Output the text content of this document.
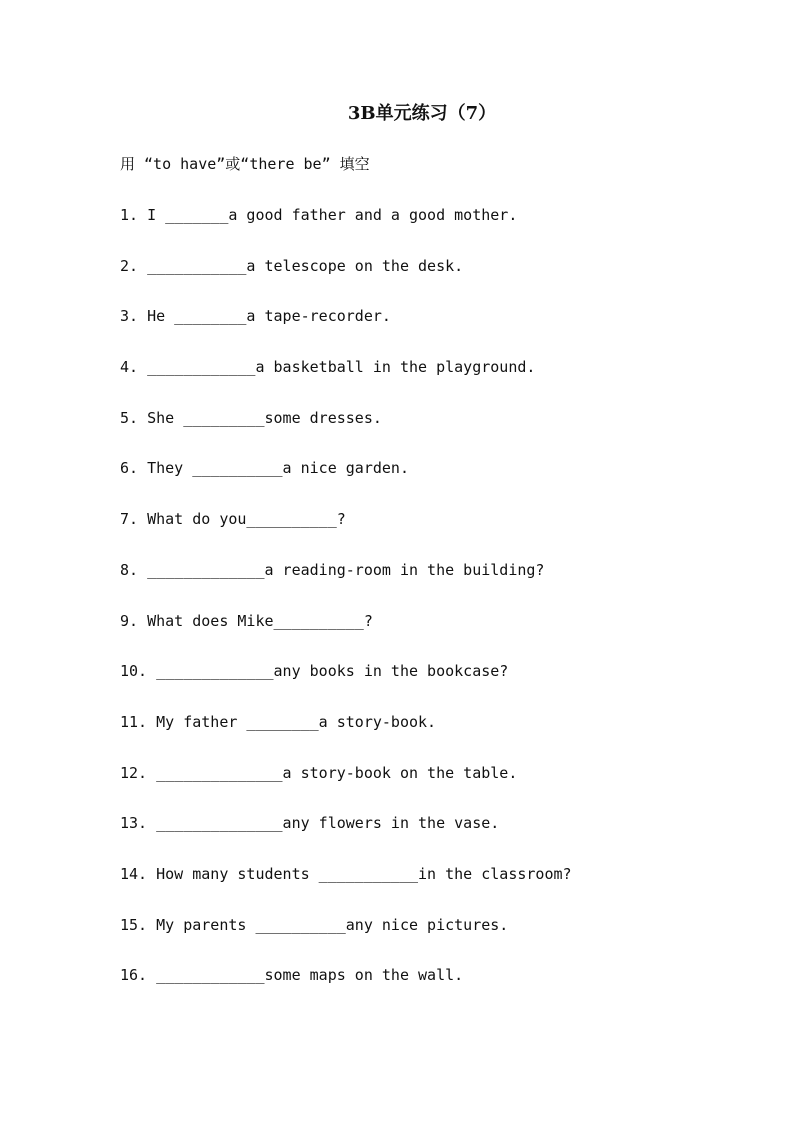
3B单元练习（7）
用 “to have”或“there be” 填空
1. I _______a good father and a good mother.
2. ___________a telescope on the desk.
3. He ________a tape-recorder.
4. ____________a basketball in the playground.
5. She _________some dresses.
6. They __________a nice garden.
7. What do you__________?
8. _____________a reading-room in the building?
9. What does Mike__________?
10. _____________any books in the bookcase?
11. My father ________a story-book.
12. ______________a story-book on the table.
13. ______________any flowers in the vase.
14. How many students ___________in the classroom?
15. My parents __________any nice pictures.
16. ____________some maps on the wall.
